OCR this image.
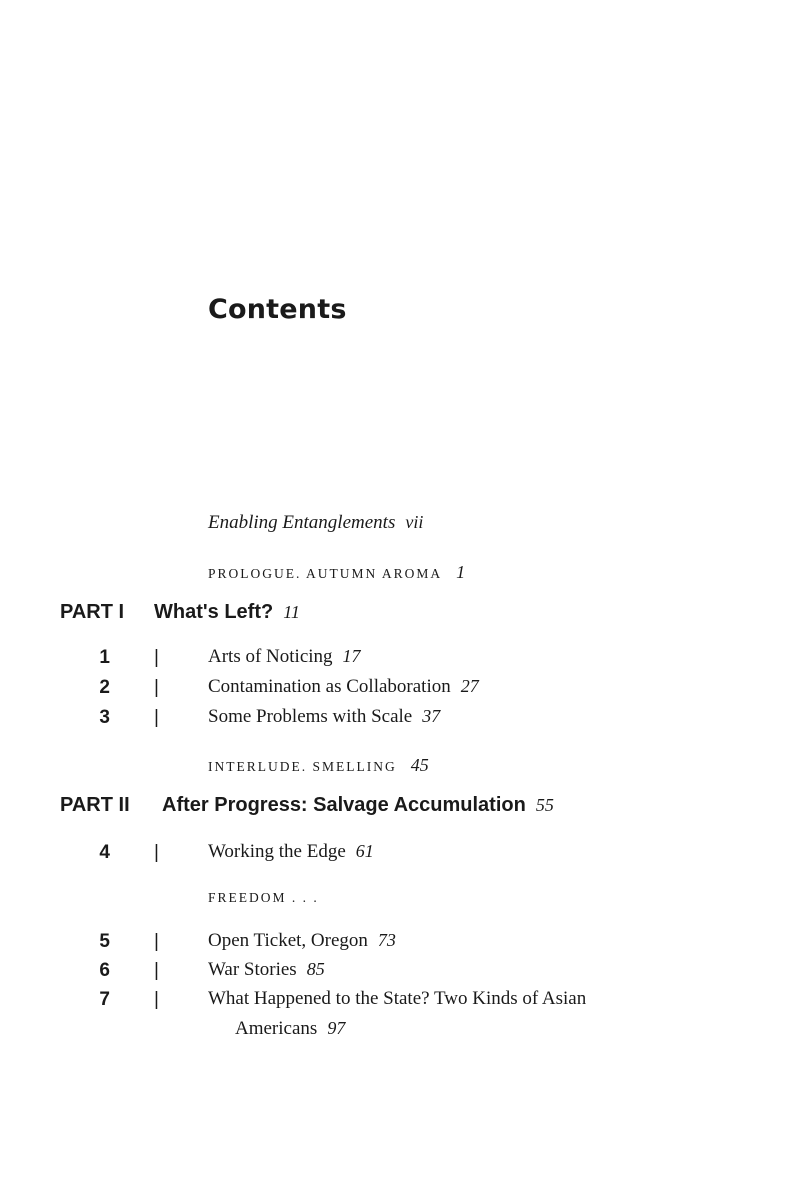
Contents
Enabling Entanglements vii
PROLOGUE. AUTUMN AROMA 1
PART I What's Left? 11
1 |	Arts of Noticing 17
2 |	Contamination as Collaboration 27
3 |	Some Problems with Scale 37
INTERLUDE. SMELLING 45
PART II After Progress: Salvage Accumulation 55
4 |	Working the Edge 61
FREEDOM . . .
5 |	Open Ticket, Oregon 73
6 |	War Stories 85
7 |	What Happened to the State? Two Kinds of Asian
Americans 97
